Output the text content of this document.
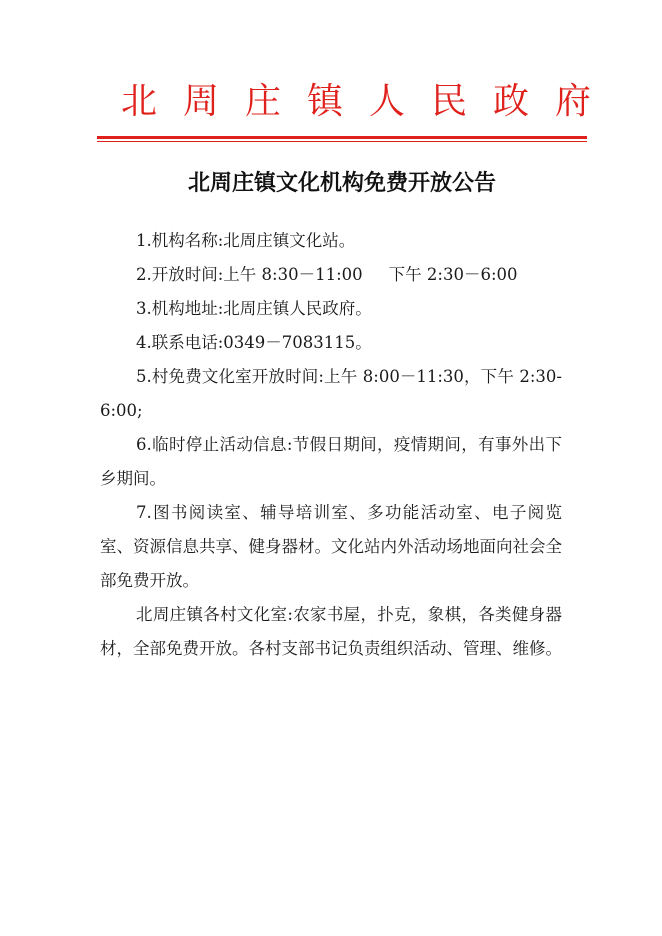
北周庄镇人民政府
北周庄镇文化机构免费开放公告

1.机构名称:北周庄镇文化站。

2.开放时间:上午 8:30－11:00 下午 2:30－6:00

3.机构地址:北周庄镇人民政府。

4.联系电话:0349－7083115。

5.村免费文化室开放时间:上午 8:00－11:30，下午 2:30-6:00;

6.临时停止活动信息:节假日期间，疫情期间，有事外出下乡期间。

7.图书阅读室、辅导培训室、多功能活动室、电子阅览室、资源信息共享、健身器材。文化站内外活动场地面向社会全部免费开放。

北周庄镇各村文化室:农家书屋，扑克，象棋，各类健身器材，全部免费开放。各村支部书记负责组织活动、管理、维修。
